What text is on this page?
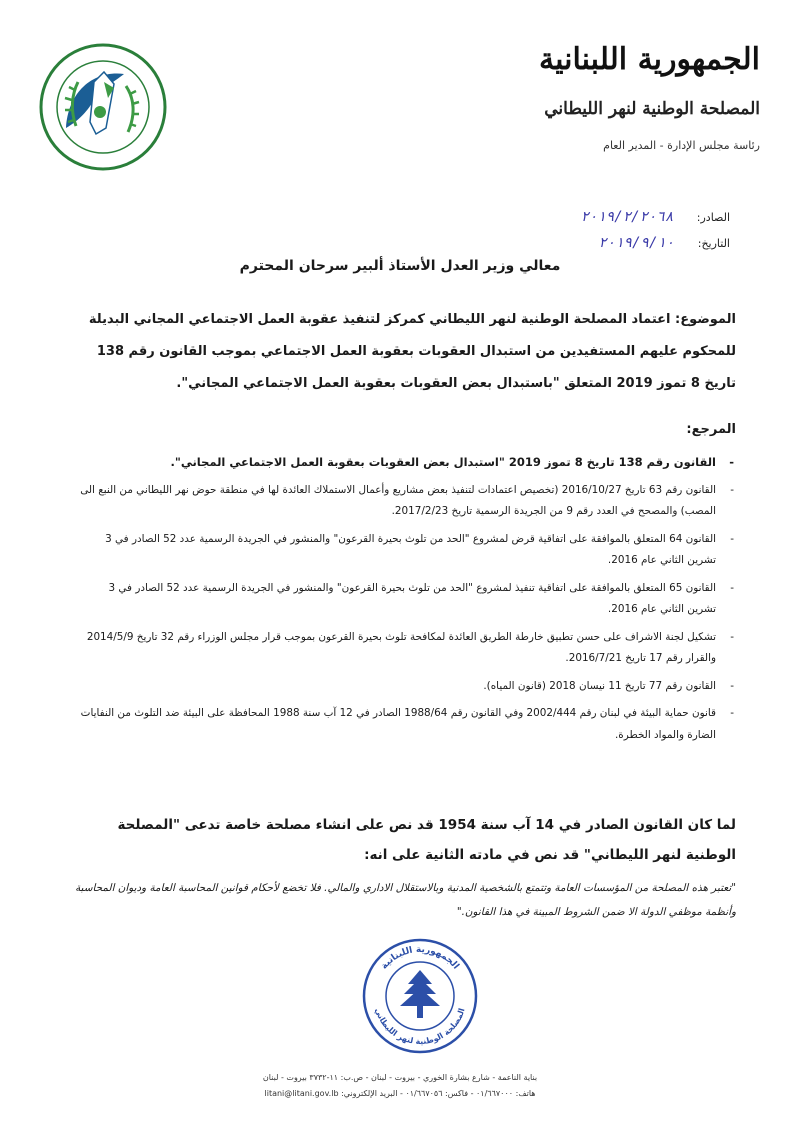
الجمهورية اللبنانية
المصلحة الوطنية لنهر الليطاني
رئاسة مجلس الإدارة - المدير العام
الصادر: ٢٠١٩/٢/٢٠٦٨
التاريخ: ٢٠١٩/٩/١٠
معالي وزير العدل الأستاذ ألبير سرحان المحترم
الموضوع: اعتماد المصلحة الوطنية لنهر الليطاني كمركز لتنفيذ عقوبة العمل الاجتماعي المجاني البديلة للمحكوم عليهم المستفيدين من استبدال العقوبات بعقوبة العمل الاجتماعي بموجب القانون رقم 138 تاريخ 8 تموز 2019 المتعلق "باستبدال بعض العقوبات بعقوبة العمل الاجتماعي المجاني".
المرجع:
- القانون رقم 138 تاريخ 8 تموز 2019 "استبدال بعض العقوبات بعقوبة العمل الاجتماعي المجاني".
- القانون رقم 63 تاريخ 2016/10/27 (تخصيص اعتمادات لتنفيذ بعض مشاريع وأعمال الاستملاك العائدة لها في منطقة حوض نهر الليطاني من النبع الى المصب) والمصحح في العدد رقم 9 من الجريدة الرسمية تاريخ 2017/2/23.
- القانون 64 المتعلق بالموافقة على اتفاقية قرض لمشروع "الحد من تلوث بحيرة القرعون" والمنشور في الجريدة الرسمية عدد 52 الصادر في 3 تشرين الثاني عام 2016.
- القانون 65 المتعلق بالموافقة على اتفاقية تنفيذ لمشروع "الحد من تلوث بحيرة القرعون" والمنشور في الجريدة الرسمية عدد 52 الصادر في 3 تشرين الثاني عام 2016.
- تشكيل لجنة الاشراف على حسن تطبيق خارطة الطريق العائدة لمكافحة تلوث بحيرة القرعون بموجب قرار مجلس الوزراء رقم 32 تاريخ 2014/5/9 والقرار رقم 17 تاريخ 2016/7/21.
- القانون رقم 77 تاريخ 11 نيسان 2018 (قانون المياه).
- قانون حماية البيئة في لبنان رقم 2002/444 وفي القانون رقم 1988/64 الصادر في 12 آب سنة 1988 المحافظة على البيئة ضد التلوث من النفايات الضارة والمواد الخطرة.
لما كان القانون الصادر في 14 آب سنة 1954 قد نص على انشاء مصلحة خاصة تدعى "المصلحة الوطنية لنهر الليطاني" قد نص في مادته الثانية على انه:
"تعتبر هذه المصلحة من المؤسسات العامة وتتمتع بالشخصية المدنية وبالاستقلال الاداري والمالي. فلا تخضع لأحكام قوانين المحاسبة العامة وديوان المحاسبة وأنظمة موظفي الدولة الا ضمن الشروط المبينة في هذا القانون."
الجمهورية اللبنانية
المصلحة الوطنية لنهر الليطاني
بناية الناعمة - شارع بشارة الخوري - بيروت - لبنان - ص.ب: ١١-٣٧٣٢ بيروت - لبنان
هاتف: ٠١/٦٦٧٠٠٠ - فاكس: ٠١/٦٦٧٠٥٦ - البريد الإلكتروني: litani@litani.gov.lb
